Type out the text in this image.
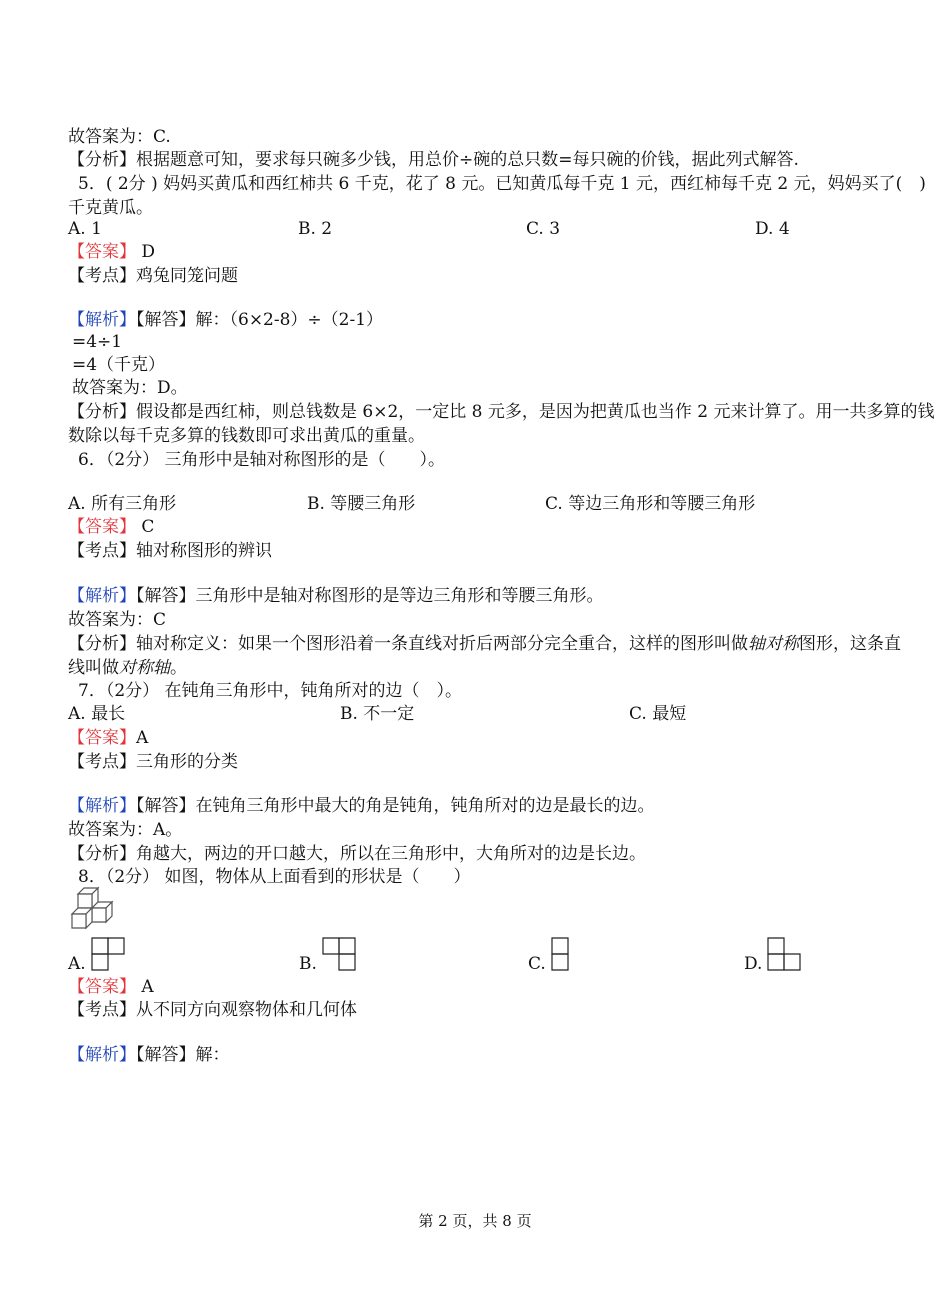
故答案为：C.
【分析】根据题意可知，要求每只碗多少钱，用总价÷碗的总只数=每只碗的价钱，据此列式解答.
5．( 2分 ) 妈妈买黄瓜和西红柿共 6 千克，花了 8 元。已知黄瓜每千克 1 元，西红柿每千克 2 元，妈妈买了(　)
千克黄瓜。
A. 1	B. 2	C. 3	D. 4
【答案】 D
【考点】鸡兔同笼问题
【解析】【解答】解：（6×2-8）÷（2-1）
=4÷1
=4（千克）
故答案为：D。
【分析】假设都是西红柿，则总钱数是 6×2，一定比 8 元多，是因为把黄瓜也当作 2 元来计算了。用一共多算的钱
数除以每千克多算的钱数即可求出黄瓜的重量。
6．（2分） 三角形中是轴对称图形的是（　　）。
A. 所有三角形	B. 等腰三角形	C. 等边三角形和等腰三角形
【答案】 C
【考点】轴对称图形的辨识
【解析】【解答】三角形中是轴对称图形的是等边三角形和等腰三角形。
故答案为：C
【分析】轴对称定义：如果一个图形沿着一条直线对折后两部分完全重合，这样的图形叫做轴对称图形，这条直
线叫做对称轴。
7．（2分） 在钝角三角形中，钝角所对的边（　）。
A. 最长	B. 不一定	C. 最短
【答案】A
【考点】三角形的分类
【解析】【解答】在钝角三角形中最大的角是钝角，钝角所对的边是最长的边。
故答案为：A。
【分析】角越大，两边的开口越大，所以在三角形中，大角所对的边是长边。
8．（2分） 如图，物体从上面看到的形状是（　　）
A.	B.	C.	D.
【答案】 A
【考点】从不同方向观察物体和几何体
【解析】【解答】解：
第 2 页，共 8 页
